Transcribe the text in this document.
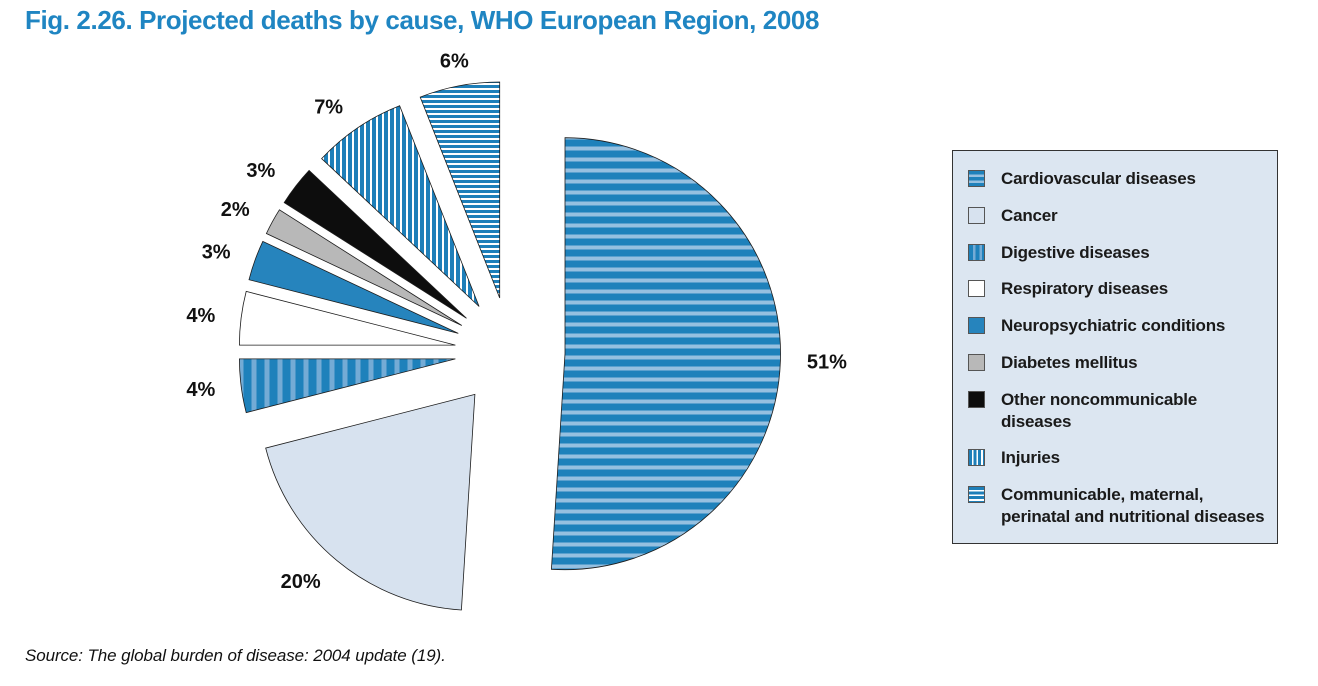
Fig. 2.26. Projected deaths by cause, WHO European Region, 2008
51%
20%
4%
4%
3%
2%
3%
7%
6%
Cardiovascular diseases
Cancer
Digestive diseases
Respiratory diseases
Neuropsychiatric conditions
Diabetes mellitus
Other noncommunicable diseases
Injuries
Communicable, maternal, perinatal and nutritional diseases
Source: The global burden of disease: 2004 update (19).
